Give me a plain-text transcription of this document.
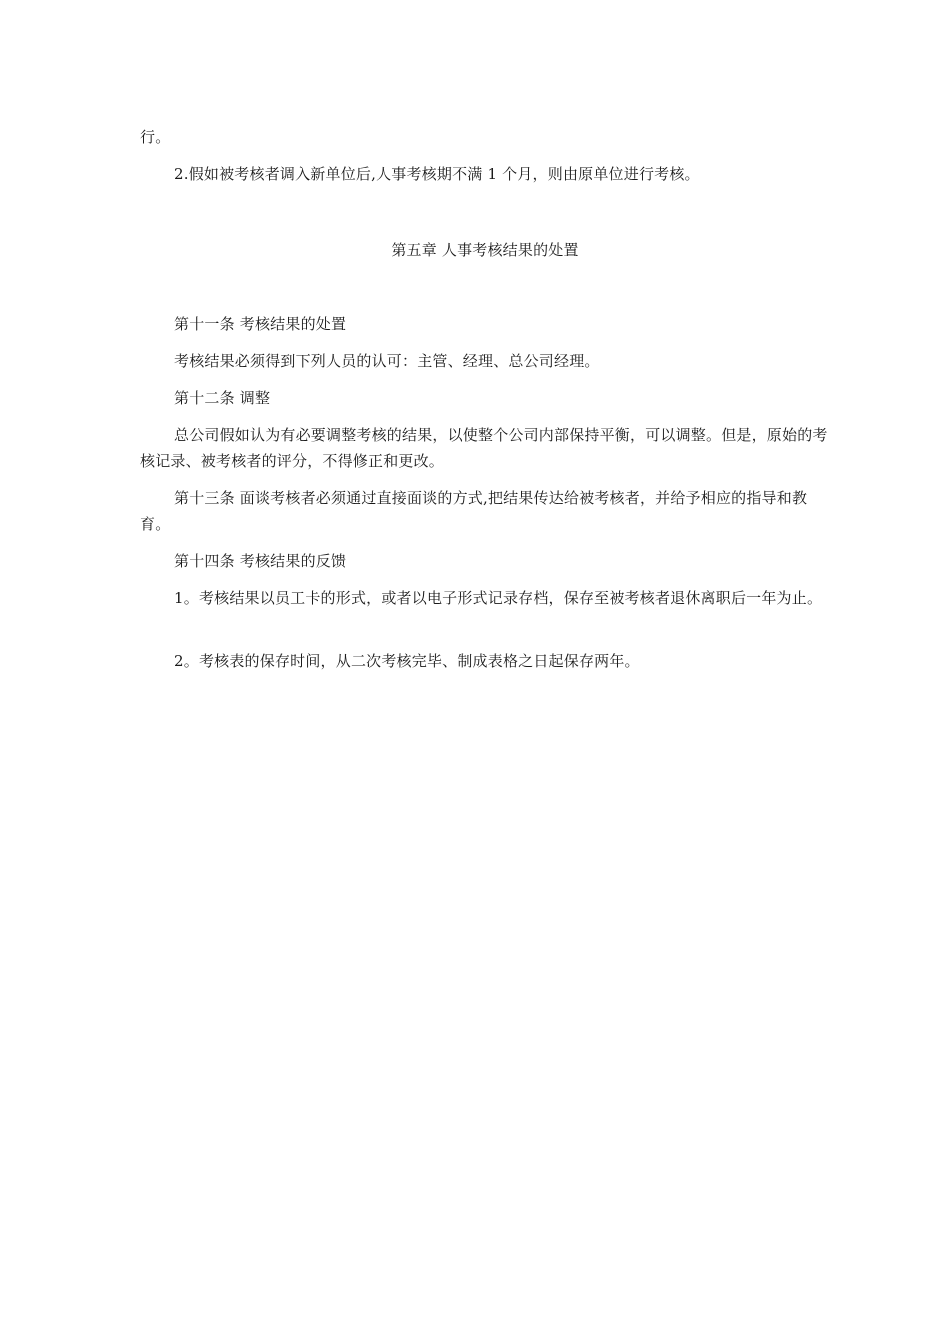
行。

2.假如被考核者调入新单位后,人事考核期不满 1 个月，则由原单位进行考核。

第五章 人事考核结果的处置

第十一条 考核结果的处置

考核结果必须得到下列人员的认可：主管、经理、总公司经理。

第十二条 调整

总公司假如认为有必要调整考核的结果，以使整个公司内部保持平衡，可以调整。但是，原始的考核记录、被考核者的评分，不得修正和更改。

第十三条 面谈考核者必须通过直接面谈的方式,把结果传达给被考核者，并给予相应的指导和教育。

第十四条 考核结果的反馈

1。考核结果以员工卡的形式，或者以电子形式记录存档，保存至被考核者退休离职后一年为止。

2。考核表的保存时间，从二次考核完毕、制成表格之日起保存两年。
